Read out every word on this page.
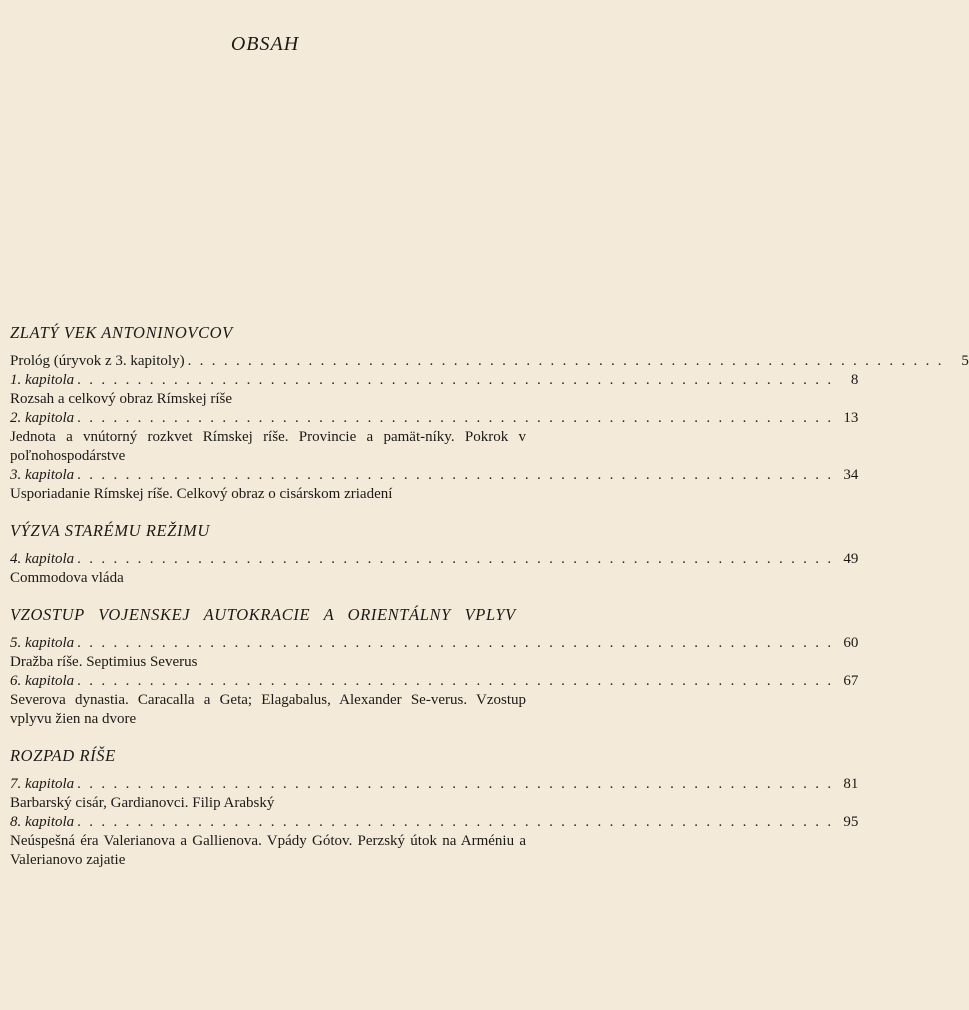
OBSAH
ZLATÝ VEK ANTONINOVCOV
Prológ (úryvok z 3. kapitoly) . . . . . . . . . . . . . . . . . . . . . . . . . . . . . . . . . . . . . . . . . . . . . . . . . . . . . . . . . . . . . . .	5
1. kapitola . . . . . . . . . . . . . . . . . . . . . . . . . . . . . . . . . . . . . . . . . . . . . . . . . . . . . . . . . . . . . . .	8
Rozsah a celkový obraz Rímskej ríše
2. kapitola . . . . . . . . . . . . . . . . . . . . . . . . . . . . . . . . . . . . . . . . . . . . . . . . . . . . . . . . . . . . . . . 13
Jednota a vnútorný rozkvet Rímskej ríše. Provincie a pamät-níky. Pokrok v poľnohospodárstve
3. kapitola . . . . . . . . . . . . . . . . . . . . . . . . . . . . . . . . . . . . . . . . . . . . . . . . . . . . . . . . . . . . . . . 34
Usporiadanie Rímskej ríše. Celkový obraz o cisárskom zriadení
VÝZVA STARÉMU REŽIMU
4. kapitola . . . . . . . . . . . . . . . . . . . . . . . . . . . . . . . . . . . . . . . . . . . . . . . . . . . . . . . . . . . . . . . 49
Commodova vláda
VZOSTUP VOJENSKEJ AUTOKRACIE A ORIENTÁLNY VPLYV
5. kapitola . . . . . . . . . . . . . . . . . . . . . . . . . . . . . . . . . . . . . . . . . . . . . . . . . . . . . . . . . . . . . . . 60
Dražba ríše. Septimius Severus
6. kapitola . . . . . . . . . . . . . . . . . . . . . . . . . . . . . . . . . . . . . . . . . . . . . . . . . . . . . . . . . . . . . . . 67
Severova dynastia. Caracalla a Geta; Elagabalus, Alexander Se-verus. Vzostup vplyvu žien na dvore
ROZPAD RÍŠE
7. kapitola . . . . . . . . . . . . . . . . . . . . . . . . . . . . . . . . . . . . . . . . . . . . . . . . . . . . . . . . . . . . . . . 81
Barbarský cisár, Gardianovci. Filip Arabský
8. kapitola . . . . . . . . . . . . . . . . . . . . . . . . . . . . . . . . . . . . . . . . . . . . . . . . . . . . . . . . . . . . . . . 95
Neúspešná éra Valerianova a Gallienova. Vpády Gótov. Perzský útok na Arméniu a Valerianovo zajatie
